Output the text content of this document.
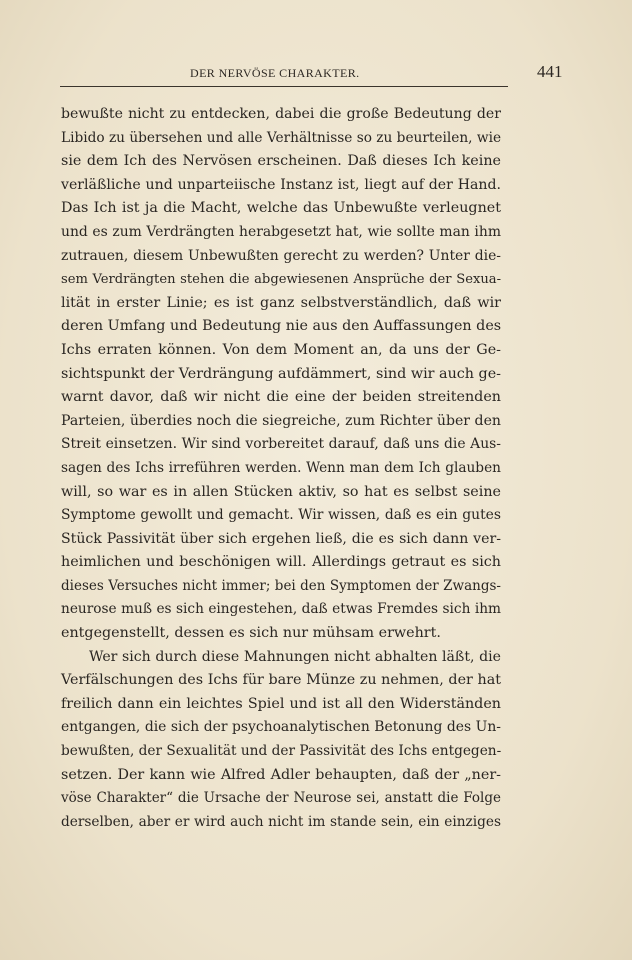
DER NERVÖSE CHARAKTER.	441
bewußte nicht zu entdecken, dabei die große Bedeutung der
Libido zu übersehen und alle Verhältnisse so zu beurteilen, wie
sie dem Ich des Nervösen erscheinen. Daß dieses Ich keine
verläßliche und unparteiische Instanz ist, liegt auf der Hand.
Das Ich ist ja die Macht, welche das Unbewußte verleugnet
und es zum Verdrängten herabgesetzt hat, wie sollte man ihm
zutrauen, diesem Unbewußten gerecht zu werden? Unter die-
sem Verdrängten stehen die abgewiesenen Ansprüche der Sexua-
lität in erster Linie; es ist ganz selbstverständlich, daß wir
deren Umfang und Bedeutung nie aus den Auffassungen des
Ichs erraten können. Von dem Moment an, da uns der Ge-
sichtspunkt der Verdrängung aufdämmert, sind wir auch ge-
warnt davor, daß wir nicht die eine der beiden streitenden
Parteien, überdies noch die siegreiche, zum Richter über den
Streit einsetzen. Wir sind vorbereitet darauf, daß uns die Aus-
sagen des Ichs irreführen werden. Wenn man dem Ich glauben
will, so war es in allen Stücken aktiv, so hat es selbst seine
Symptome gewollt und gemacht. Wir wissen, daß es ein gutes
Stück Passivität über sich ergehen ließ, die es sich dann ver-
heimlichen und beschönigen will. Allerdings getraut es sich
dieses Versuches nicht immer; bei den Symptomen der Zwangs-
neurose muß es sich eingestehen, daß etwas Fremdes sich ihm
entgegenstellt, dessen es sich nur mühsam erwehrt.
Wer sich durch diese Mahnungen nicht abhalten läßt, die
Verfälschungen des Ichs für bare Münze zu nehmen, der hat
freilich dann ein leichtes Spiel und ist all den Widerständen
entgangen, die sich der psychoanalytischen Betonung des Un-
bewußten, der Sexualität und der Passivität des Ichs entgegen-
setzen. Der kann wie Alfred Adler behaupten, daß der „ner-
vöse Charakter“ die Ursache der Neurose sei, anstatt die Folge
derselben, aber er wird auch nicht im stande sein, ein einziges
